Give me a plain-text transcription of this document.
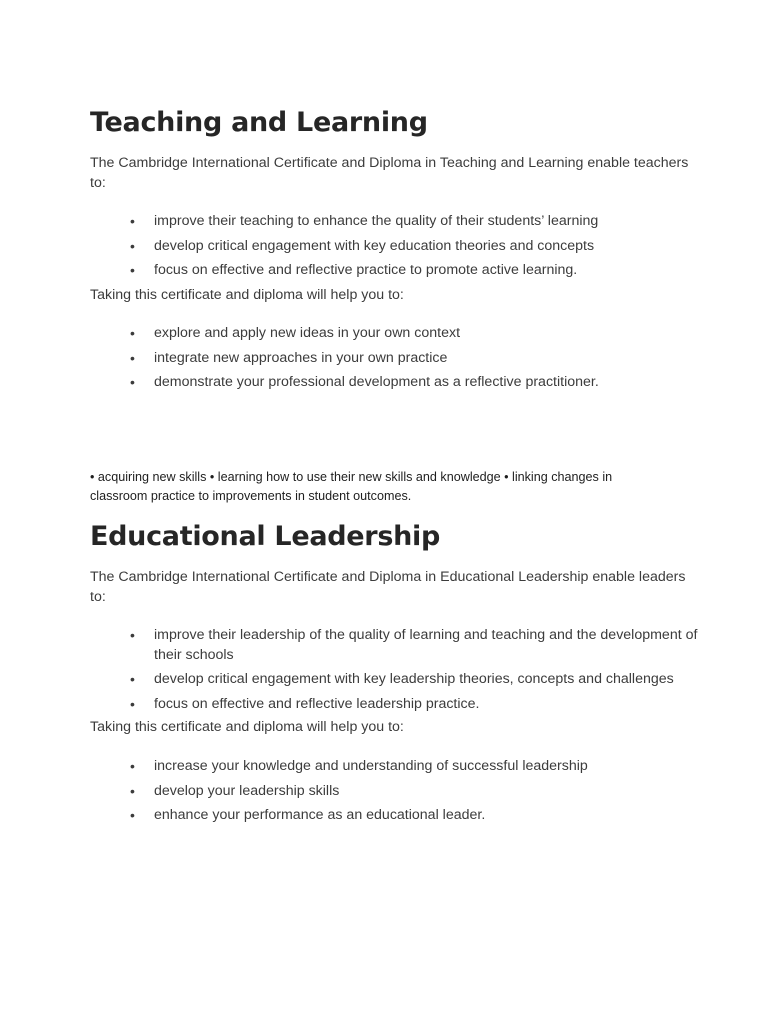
Teaching and Learning

The Cambridge International Certificate and Diploma in Teaching and Learning enable teachers to:

• improve their teaching to enhance the quality of their students’ learning
• develop critical engagement with key education theories and concepts
• focus on effective and reflective practice to promote active learning.

Taking this certificate and diploma will help you to:

• explore and apply new ideas in your own context
• integrate new approaches in your own practice
• demonstrate your professional development as a reflective practitioner.

• acquiring new skills • learning how to use their new skills and knowledge • linking changes in classroom practice to improvements in student outcomes.

Educational Leadership

The Cambridge International Certificate and Diploma in Educational Leadership enable leaders to:

• improve their leadership of the quality of learning and teaching and the development of their schools
• develop critical engagement with key leadership theories, concepts and challenges
• focus on effective and reflective leadership practice.

Taking this certificate and diploma will help you to:

• increase your knowledge and understanding of successful leadership
• develop your leadership skills
• enhance your performance as an educational leader.
